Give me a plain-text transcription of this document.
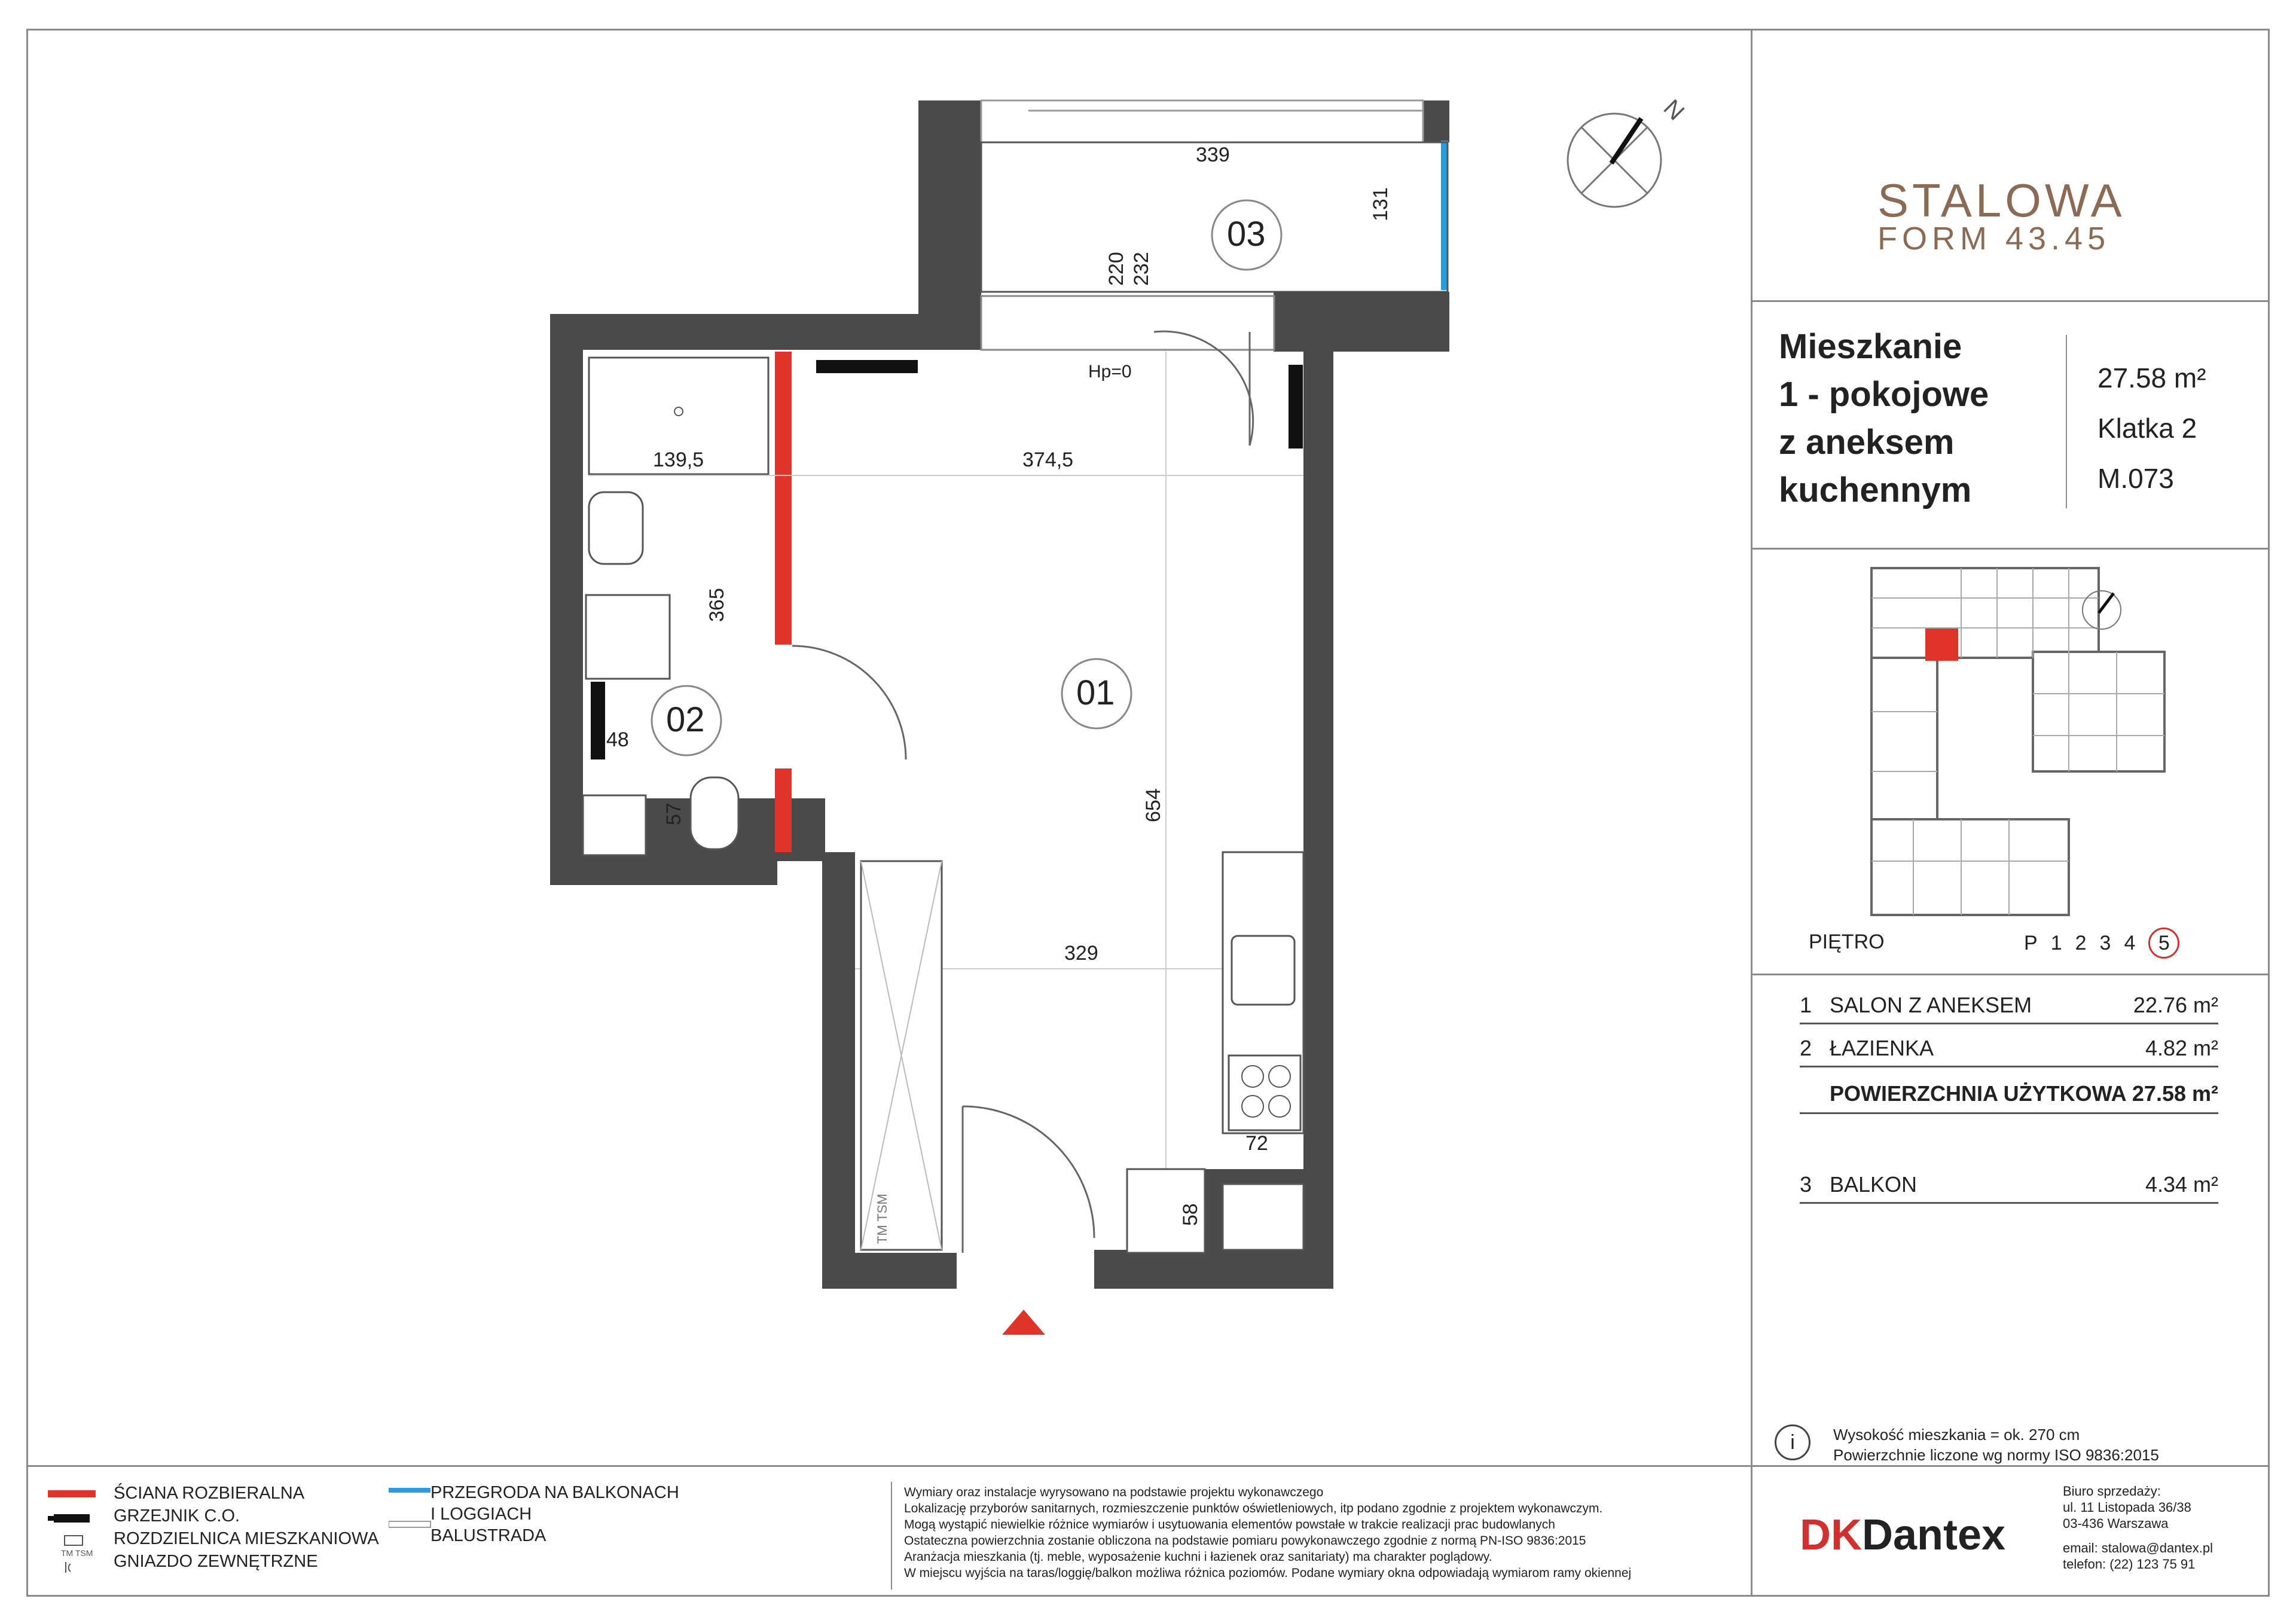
N
03
01
02
339
131
220 232
Hp=0
139,5	374,5
365
654
329
48
57
72
58
TM TSM
STALOWA
FORM 43.45
Mieszkanie
1 - pokojowe
z aneksem
kuchennym
27.58 m²
Klatka 2
M.073
PIĘTRO	P 1 2 3 4	5
1 SALON Z ANEKSEM	22.76 m²
2 ŁAZIENKA	4.82 m²
POWIERZCHNIA UŻYTKOWA 27.58 m²
3 BALKON	4.34 m²
i	Wysokość mieszkania = ok. 270 cm
Powierzchnie liczone wg normy ISO 9836:2015
TM TSM
ŚCIANA ROZBIERALNA
GRZEJNIK C.O.
ROZDZIELNICA MIESZKANIOWA
GNIAZDO ZEWNĘTRZNE
PRZEGRODA NA BALKONACH
I LOGGIACH
BALUSTRADA
Wymiary oraz instalacje wyrysowano na podstawie projektu wykonawczego
Lokalizację przyborów sanitarnych, rozmieszczenie punktów oświetleniowych, itp podano zgodnie z projektem wykonawczym.
Mogą wystąpić niewielkie różnice wymiarów i usytuowania elementów powstałe w trakcie realizacji prac budowlanych
Ostateczna powierzchnia zostanie obliczona na podstawie pomiaru powykonawczego zgodnie z normą PN-ISO 9836:2015
Aranżacja mieszkania (tj. meble, wyposażenie kuchni i łazienek oraz sanitariaty) ma charakter poglądowy.
W miejscu wyjścia na taras/loggię/balkon możliwa różnica poziomów. Podane wymiary okna odpowiadają wymiarom ramy okiennej
DKDantex
Biuro sprzedaży:
ul. 11 Listopada 36/38
03-436 Warszawa
email: stalowa@dantex.pl
telefon: (22) 123 75 91
